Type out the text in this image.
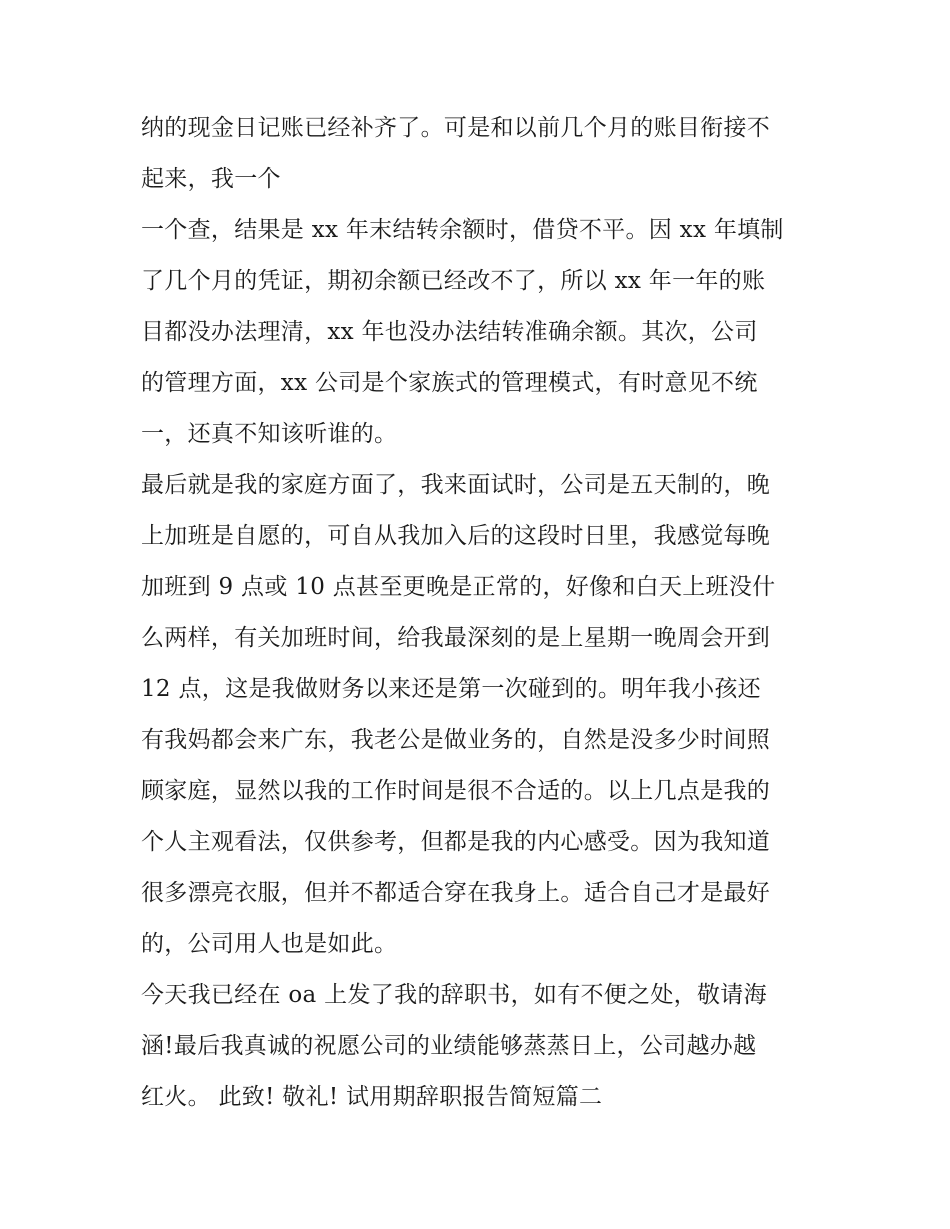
纳的现金日记账已经补齐了。可是和以前几个月的账目衔接不
起来，我一个
一个查，结果是 xx 年末结转余额时，借贷不平。因 xx 年填制
了几个月的凭证，期初余额已经改不了，所以 xx 年一年的账
目都没办法理清，xx 年也没办法结转准确余额。其次，公司
的管理方面，xx 公司是个家族式的管理模式，有时意见不统
一，还真不知该听谁的。
最后就是我的家庭方面了，我来面试时，公司是五天制的，晚
上加班是自愿的，可自从我加入后的这段时日里，我感觉每晚
加班到 9 点或 10 点甚至更晚是正常的，好像和白天上班没什
么两样，有关加班时间，给我最深刻的是上星期一晚周会开到
12 点，这是我做财务以来还是第一次碰到的。明年我小孩还
有我妈都会来广东，我老公是做业务的，自然是没多少时间照
顾家庭，显然以我的工作时间是很不合适的。以上几点是我的
个人主观看法，仅供参考，但都是我的内心感受。因为我知道
很多漂亮衣服，但并不都适合穿在我身上。适合自己才是最好
的，公司用人也是如此。
今天我已经在 oa 上发了我的辞职书，如有不便之处，敬请海
涵!最后我真诚的祝愿公司的业绩能够蒸蒸日上，公司越办越
红火。 此致! 敬礼! 试用期辞职报告简短篇二
